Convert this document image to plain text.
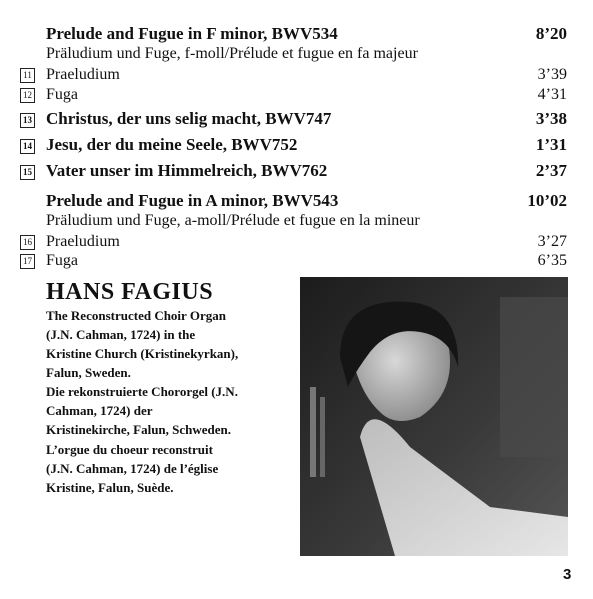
Prelude and Fugue in F minor, BWV534	8’20
Präludium und Fuge, f-moll/Prélude et fugue en fa majeur
11 Praeludium	3’39
12 Fuga	4’31
13 Christus, der uns selig macht, BWV747	3’38
14 Jesu, der du meine Seele, BWV752	1’31
15 Vater unser im Himmelreich, BWV762	2’37
Prelude and Fugue in A minor, BWV543	10’02
Präludium und Fuge, a-moll/Prélude et fugue en la mineur
16 Praeludium	3’27
17 Fuga	6’35
HANS FAGIUS
The Reconstructed Choir Organ
(J.N. Cahman, 1724) in the
Kristine Church (Kristinekyrkan),
Falun, Sweden.
Die rekonstruierte Chororgel (J.N.
Cahman, 1724) der
Kristinekirche, Falun, Schweden.
L’orgue du choeur reconstruit
(J.N. Cahman, 1724) de l’église
Kristine, Falun, Suède.
3
